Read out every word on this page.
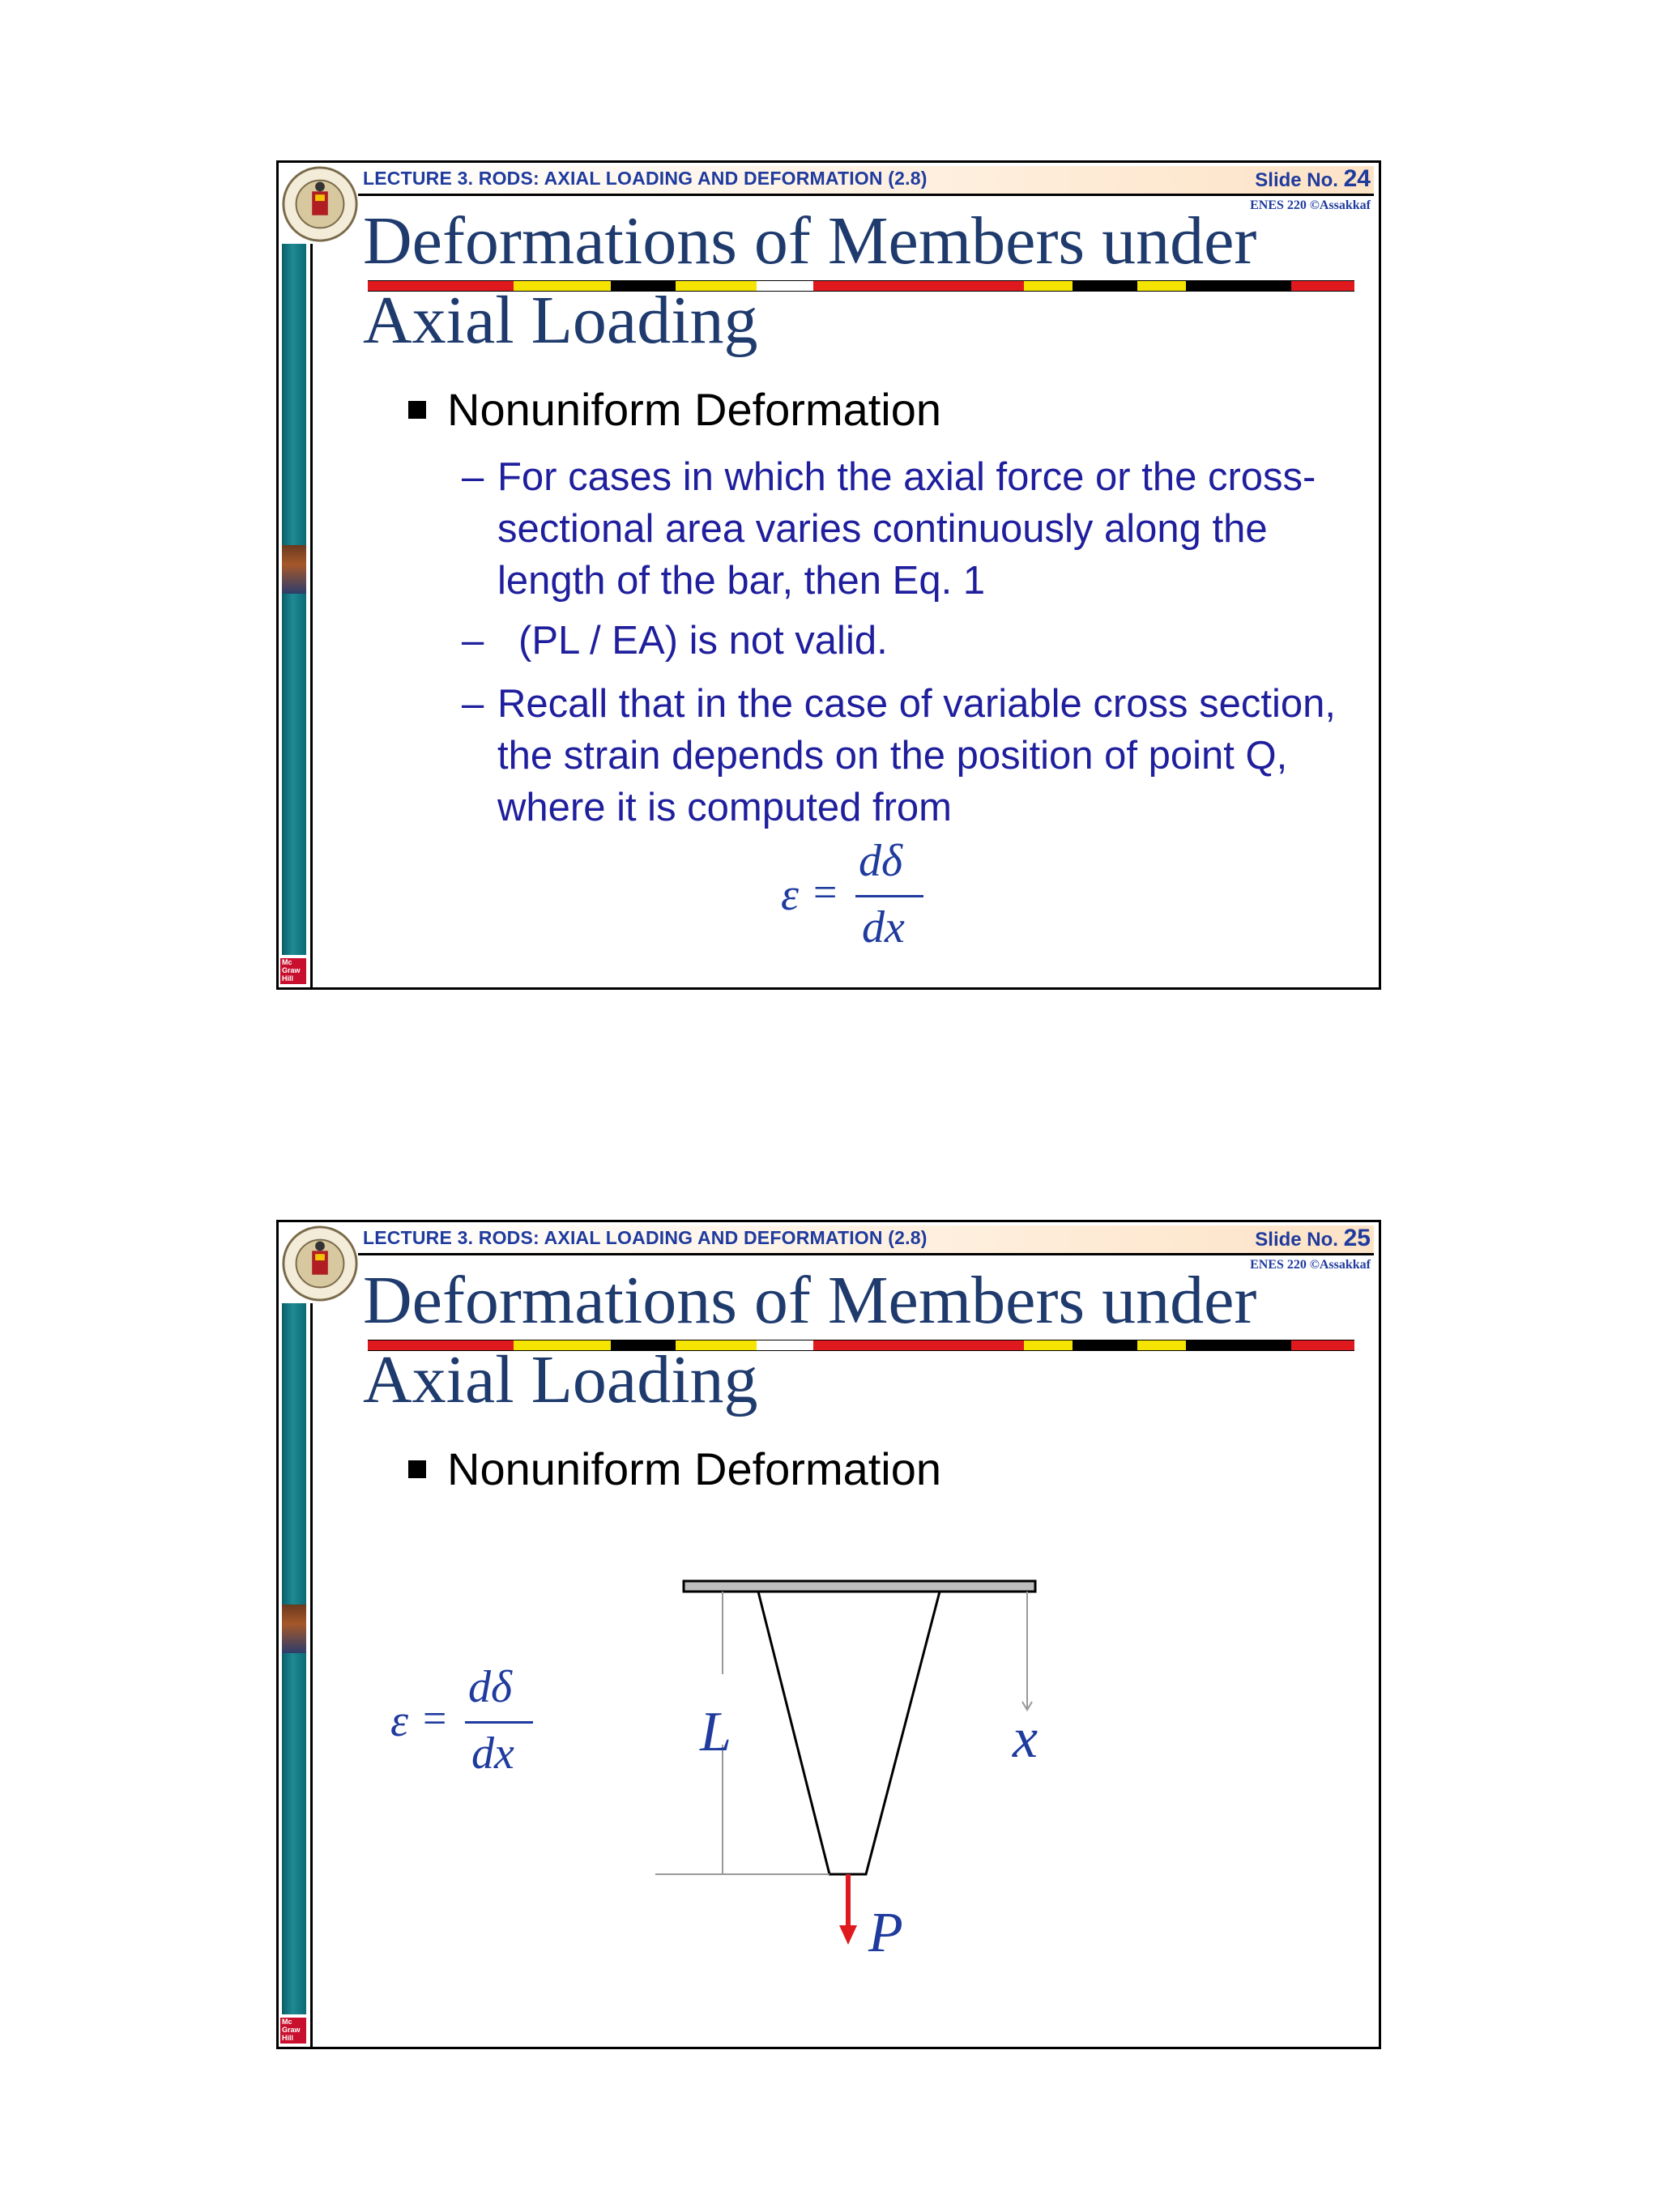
Mc
Graw
Hill
LECTURE 3. RODS: AXIAL LOADING AND DEFORMATION (2.8)	Slide No. 24
ENES 220 ©Assakkaf
Deformations of Members under
Axial Loading
Nonuniform Deformation
– For cases in which the axial force or the cross-sectional area varies continuously along the length of the bar, then Eq. 1
– (PL / EA) is not valid.
– Recall that in the case of variable cross section, the strain depends on the position of point Q, where it is computed from
ε =
dδ
dx
Mc
Graw
Hill
LECTURE 3. RODS: AXIAL LOADING AND DEFORMATION (2.8)	Slide No. 25
ENES 220 ©Assakkaf
Deformations of Members under
Axial Loading
Nonuniform Deformation
ε =
dδ
dx	L	x
P
